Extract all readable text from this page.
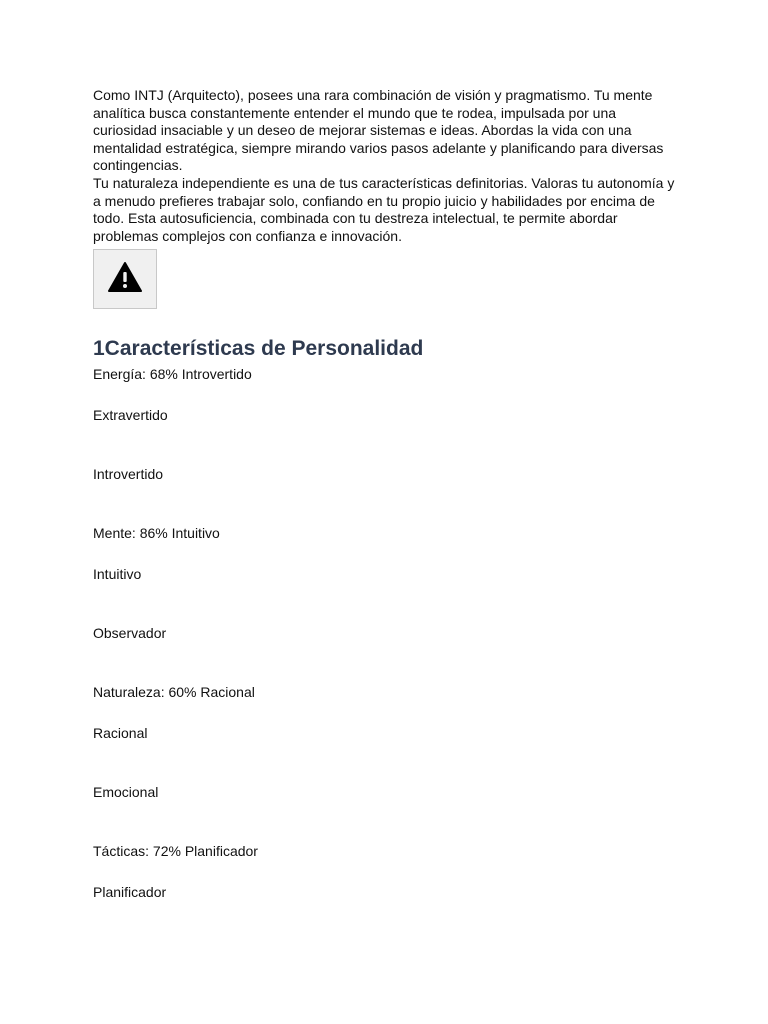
Como INTJ (Arquitecto), posees una rara combinación de visión y pragmatismo. Tu mente analítica busca constantemente entender el mundo que te rodea, impulsada por una curiosidad insaciable y un deseo de mejorar sistemas e ideas. Abordas la vida con una mentalidad estratégica, siempre mirando varios pasos adelante y planificando para diversas contingencias.

Tu naturaleza independiente es una de tus características definitorias. Valoras tu autonomía y a menudo prefieres trabajar solo, confiando en tu propio juicio y habilidades por encima de todo. Esta autosuficiencia, combinada con tu destreza intelectual, te permite abordar problemas complejos con confianza e innovación.

1Características de Personalidad
Energía: 68% Introvertido
Extravertido
Introvertido
Mente: 86% Intuitivo
Intuitivo
Observador
Naturaleza: 60% Racional
Racional
Emocional
Tácticas: 72% Planificador
Planificador
